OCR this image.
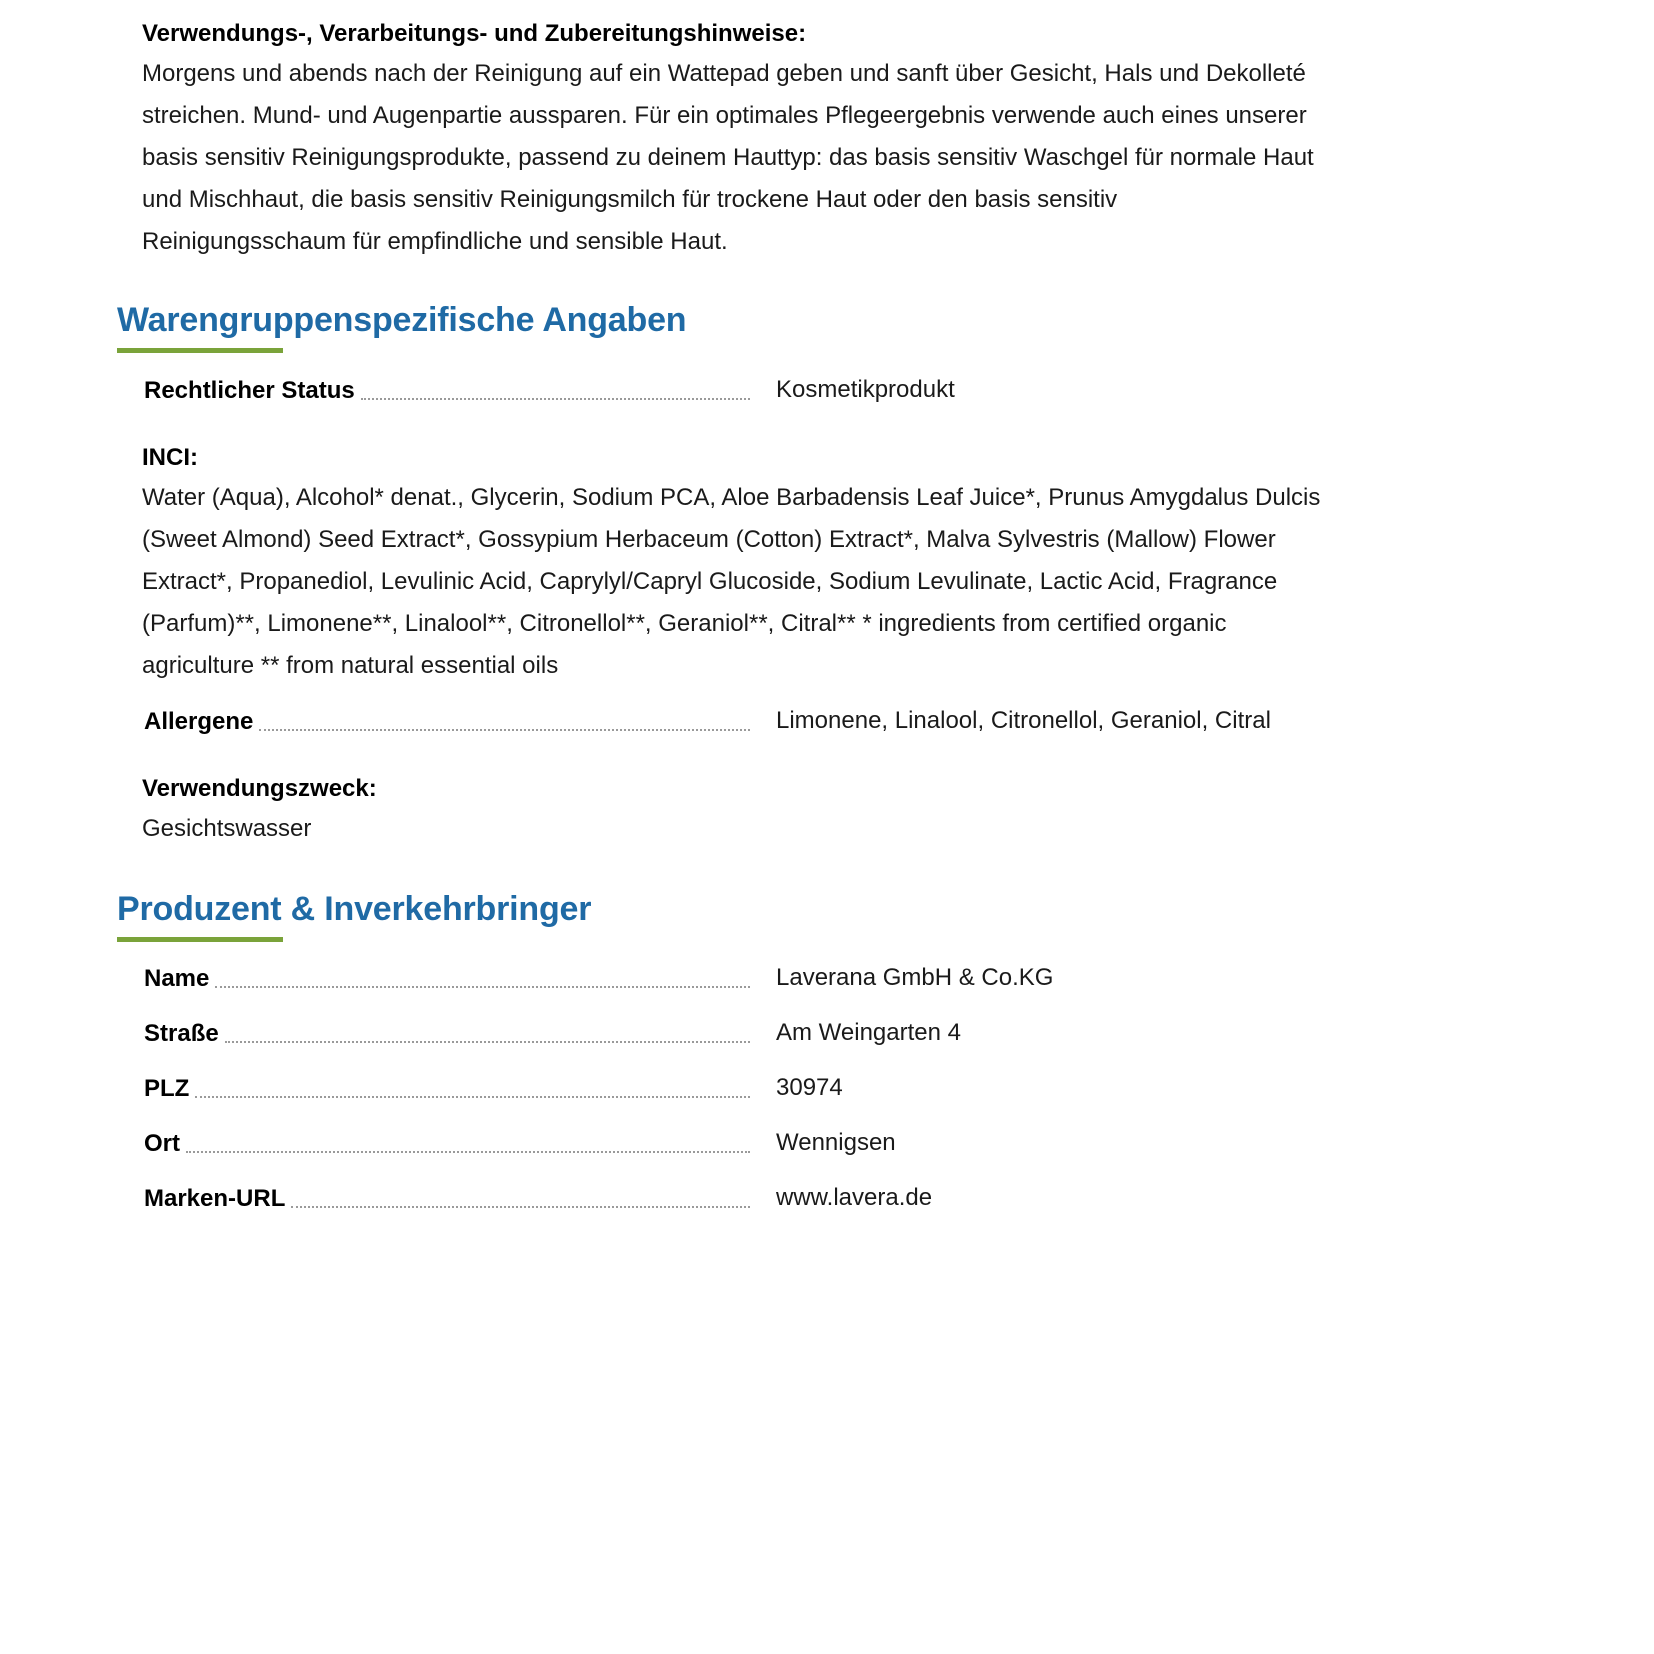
Verwendungs-, Verarbeitungs- und Zubereitungshinweise:

Morgens und abends nach der Reinigung auf ein Wattepad geben und sanft über Gesicht, Hals und Dekolleté
streichen. Mund- und Augenpartie aussparen. Für ein optimales Pflegeergebnis verwende auch eines unserer
basis sensitiv Reinigungsprodukte, passend zu deinem Hauttyp: das basis sensitiv Waschgel für normale Haut
und Mischhaut, die basis sensitiv Reinigungsmilch für trockene Haut oder den basis sensitiv
Reinigungsschaum für empfindliche und sensible Haut.

Warengruppenspezifische Angaben
Rechtlicher Status	Kosmetikprodukt

INCI:

Water (Aqua), Alcohol* denat., Glycerin, Sodium PCA, Aloe Barbadensis Leaf Juice*, Prunus Amygdalus Dulcis
(Sweet Almond) Seed Extract*, Gossypium Herbaceum (Cotton) Extract*, Malva Sylvestris (Mallow) Flower
Extract*, Propanediol, Levulinic Acid, Caprylyl/Capryl Glucoside, Sodium Levulinate, Lactic Acid, Fragrance
(Parfum)**, Limonene**, Linalool**, Citronellol**, Geraniol**, Citral** * ingredients from certified organic
agriculture ** from natural essential oils

Allergene	Limonene, Linalool, Citronellol, Geraniol, Citral

Verwendungszweck:

Gesichtswasser

Produzent & Inverkehrbringer
Name	Laverana GmbH & Co.KG
Straße	Am Weingarten 4
PLZ	30974
Ort	Wennigsen
Marken-URL	www.lavera.de
